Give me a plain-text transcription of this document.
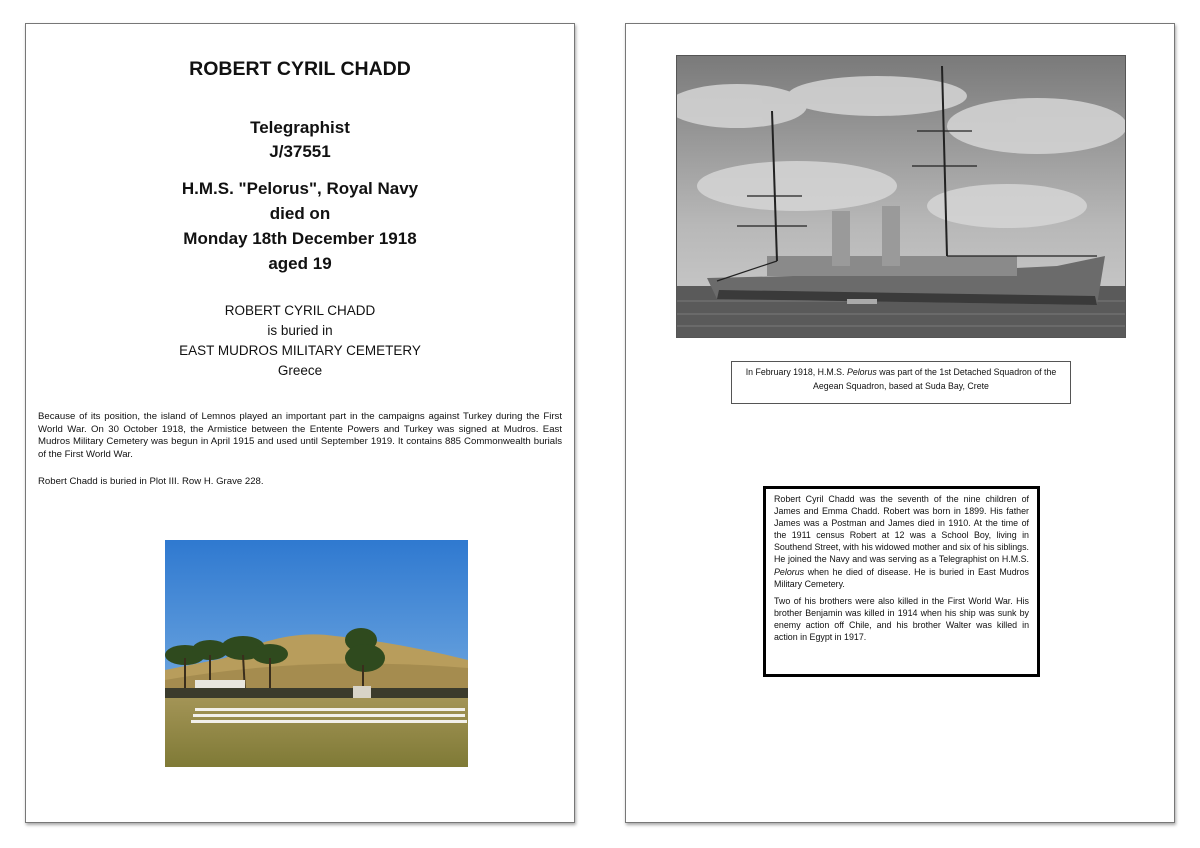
ROBERT CYRIL CHADD
Telegraphist
J/37551
H.M.S. "Pelorus", Royal Navy
died on
Monday 18th December 1918
aged 19
ROBERT CYRIL CHADD
is buried in
EAST MUDROS MILITARY CEMETERY
Greece

Because of its position, the island of Lemnos played an important part in the campaigns against Turkey during the First World War. On 30 October 1918, the Armistice between the Entente Powers and Turkey was signed at Mudros. East Mudros Military Cemetery was begun in April 1915 and used until September 1919. It contains 885 Commonwealth burials of the First World War.

Robert Chadd is buried in Plot III. Row H. Grave 228.

In February 1918, H.M.S. Pelorus was part of the 1st Detached Squadron of the Aegean Squadron, based at Suda Bay, Crete

Robert Cyril Chadd was the seventh of the nine children of James and Emma Chadd. Robert was born in 1899. His father James was a Postman and James died in 1910. At the time of the 1911 census Robert at 12 was a School Boy, living in Southend Street, with his widowed mother and six of his siblings. He joined the Navy and was serving as a Telegraphist on H.M.S. Pelorus when he died of disease. He is buried in East Mudros Military Cemetery.

Two of his brothers were also killed in the First World War. His brother Benjamin was killed in 1914 when his ship was sunk by enemy action off Chile, and his brother Walter was killed in action in Egypt in 1917.
